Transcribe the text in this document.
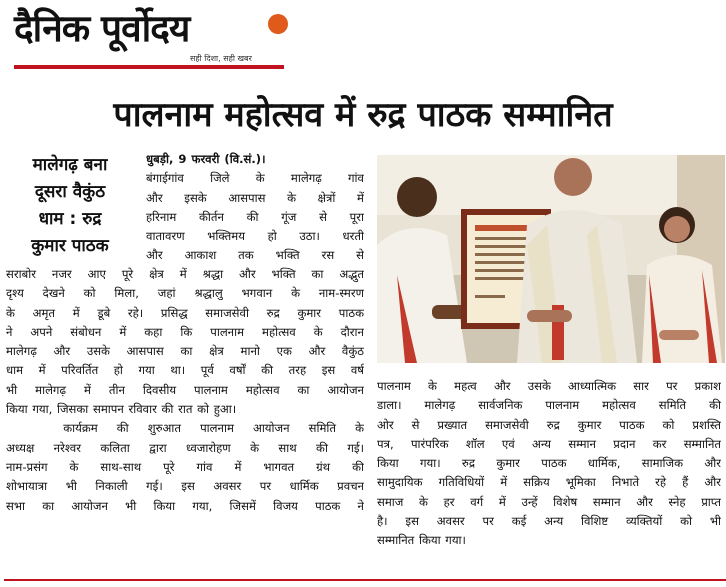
दैनिक पूर्वोदय
सही दिशा, सही खबर
पालनाम महोत्सव में रुद्र पाठक सम्मानित
मालेगढ़ बना
दूसरा वैकुंठ
धाम : रुद्र
कुमार पाठक
धुबड़ी, 9 फरवरी (वि.सं.)।
बंगाईगांव जिले के मालेगढ़ गांव
और इसके आसपास के क्षेत्रों में
हरिनाम कीर्तन की गूंज से पूरा
वातावरण भक्तिमय हो उठा। धरती
और आकाश तक भक्ति रस से
सराबोर नजर आए पूरे क्षेत्र में श्रद्धा और भक्ति का अद्भुत
दृश्य देखने को मिला, जहां श्रद्धालु भगवान के नाम-स्मरण
के अमृत में डूबे रहे। प्रसिद्ध समाजसेवी रुद्र कुमार पाठक
ने अपने संबोधन में कहा कि पालनाम महोत्सव के दौरान
मालेगढ़ और उसके आसपास का क्षेत्र मानो एक और वैकुंठ
धाम में परिवर्तित हो गया था। पूर्व वर्षों की तरह इस वर्ष
भी मालेगढ़ में तीन दिवसीय पालनाम महोत्सव का आयोजन
किया गया, जिसका समापन रविवार की रात को हुआ।
कार्यक्रम की शुरुआत पालनाम आयोजन समिति के
अध्यक्ष नरेश्वर कलिता द्वारा ध्वजारोहण के साथ की गई।
नाम-प्रसंग के साथ-साथ पूरे गांव में भागवत ग्रंथ की
शोभायात्रा भी निकाली गई। इस अवसर पर धार्मिक प्रवचन
सभा का आयोजन भी किया गया, जिसमें विजय पाठक ने
पालनाम के महत्व और उसके आध्यात्मिक सार पर प्रकाश
डाला। मालेगढ़ सार्वजनिक पालनाम महोत्सव समिति की
ओर से प्रख्यात समाजसेवी रुद्र कुमार पाठक को प्रशस्ति
पत्र, पारंपरिक शॉल एवं अन्य सम्मान प्रदान कर सम्मानित
किया गया। रुद्र कुमार पाठक धार्मिक, सामाजिक और
सामुदायिक गतिविधियों में सक्रिय भूमिका निभाते रहे हैं और
समाज के हर वर्ग में उन्हें विशेष सम्मान और स्नेह प्राप्त
है। इस अवसर पर कई अन्य विशिष्ट व्यक्तियों को भी
सम्मानित किया गया।
